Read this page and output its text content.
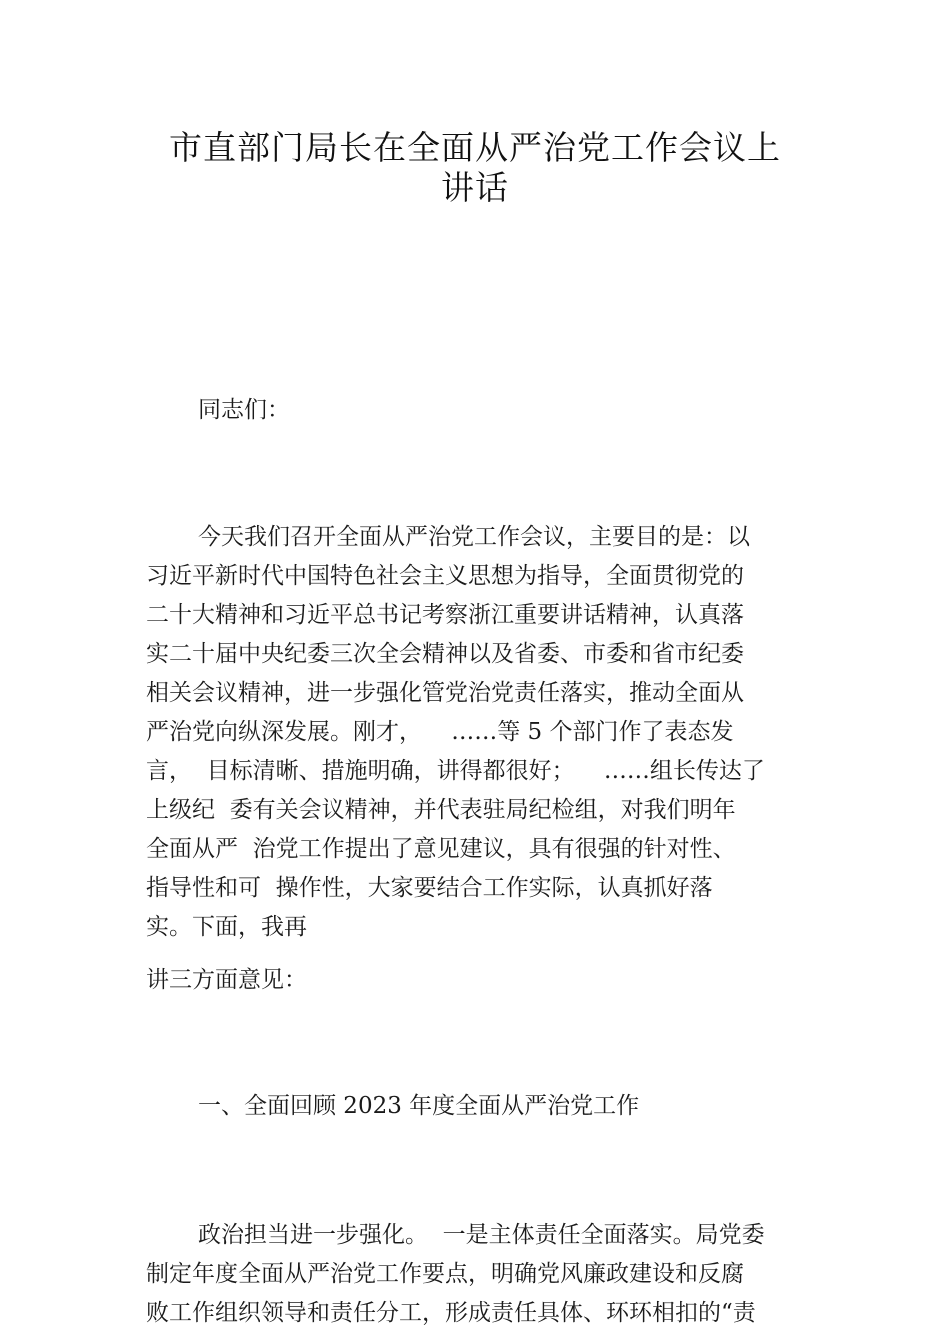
市直部门局长在全面从严治党工作会议上
讲话
同志们：
今天我们召开全面从严治党工作会议，主要目的是：以
习近平新时代中国特色社会主义思想为指导，全面贯彻党的
二十大精神和习近平总书记考察浙江重要讲话精神，认真落
实二十届中央纪委三次全会精神以及省委、市委和省市纪委
相关会议精神，进一步强化管党治党责任落实，推动全面从
严治党向纵深发展。刚才，    ……等 5 个部门作了表态发
言，  目标清晰、措施明确，讲得都很好；    ……组长传达了
上级纪  委有关会议精神，并代表驻局纪检组，对我们明年
全面从严  治党工作提出了意见建议，具有很强的针对性、
指导性和可  操作性，大家要结合工作实际，认真抓好落
实。下面，我再
讲三方面意见：
一、全面回顾 2023 年度全面从严治党工作
政治担当进一步强化。  一是主体责任全面落实。局党委
制定年度全面从严治党工作要点，明确党风廉政建设和反腐
败工作组织领导和责任分工，形成责任具体、环环相扣的“责
